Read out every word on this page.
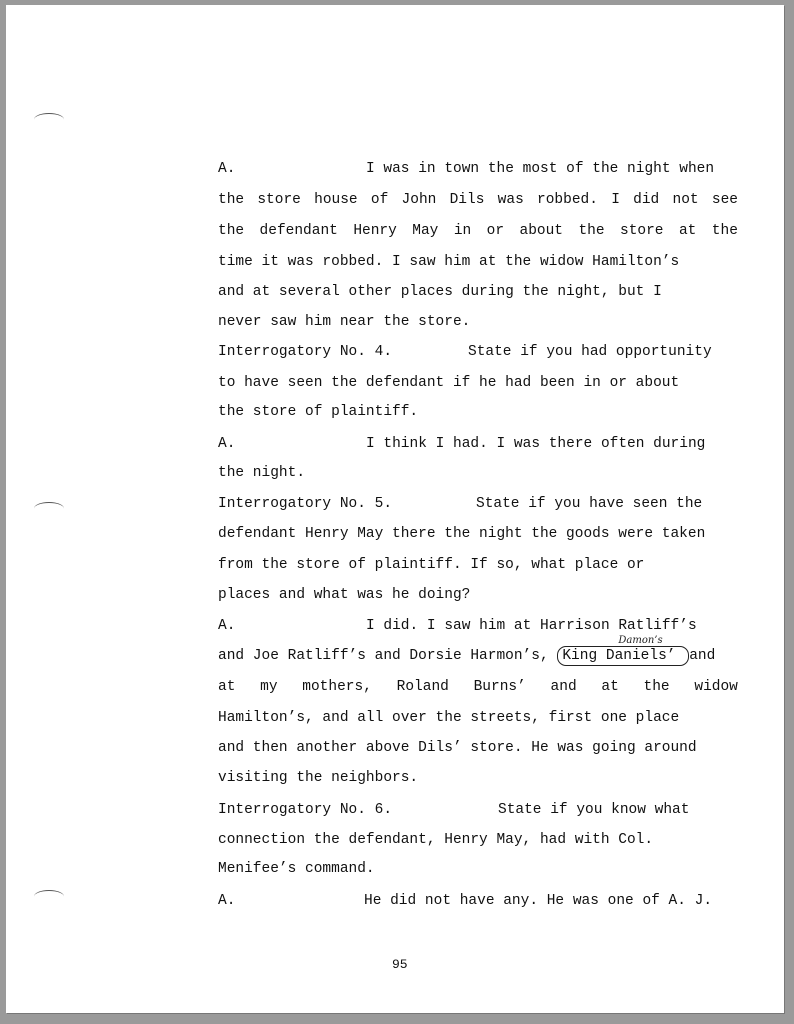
A.	I was in town the most of the night when
the store house of John Dils was robbed. I did not see
the defendant Henry May in or about the store at the
time it was robbed. I saw him at the widow Hamilton’s
and at several other places during the night, but I
never saw him near the store.
Interrogatory No. 4.	State if you had opportunity
to have seen the defendant if he had been in or about
the store of plaintiff.
A.	I think I had. I was there often during
the night.
Interrogatory No. 5.	State if you have seen the
defendant Henry May there the night the goods were taken
from the store of plaintiff. If so, what place or
places and what was he doing?
A.	I did. I saw him at Harrison Ratliff’s
and Joe Ratliff’s and Dorsie Harmon’s,
Damon’s
King Daniels’ and
at my mothers, Roland Burns’ and at the widow
Hamilton’s, and all over the streets, first one place
and then another above Dils’ store. He was going around
visiting the neighbors.
Interrogatory No. 6.	State if you know what
connection the defendant, Henry May, had with Col.
Menifee’s command.
A.	He did not have any. He was one of A. J.
95
